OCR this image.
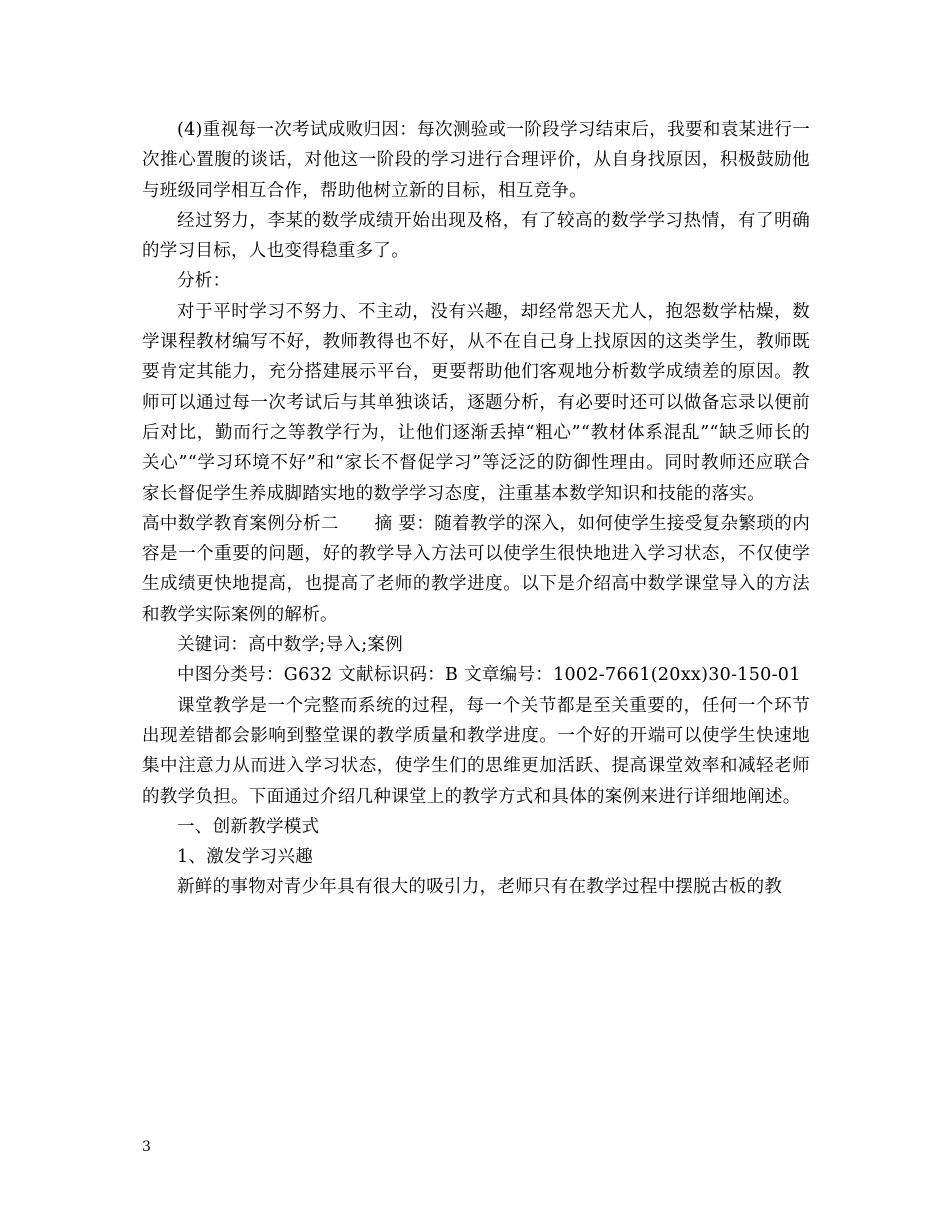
(4)重视每一次考试成败归因：每次测验或一阶段学习结束后，我要和袁某进行一次推心置腹的谈话，对他这一阶段的学习进行合理评价，从自身找原因，积极鼓励他与班级同学相互合作，帮助他树立新的目标，相互竞争。

经过努力，李某的数学成绩开始出现及格，有了较高的数学学习热情，有了明确的学习目标，人也变得稳重多了。

分析：

对于平时学习不努力、不主动，没有兴趣，却经常怨天尤人，抱怨数学枯燥，数学课程教材编写不好，教师教得也不好，从不在自己身上找原因的这类学生，教师既要肯定其能力，充分搭建展示平台，更要帮助他们客观地分析数学成绩差的原因。教师可以通过每一次考试后与其单独谈话，逐题分析，有必要时还可以做备忘录以便前后对比，勤而行之等教学行为，让他们逐渐丢掉“粗心”“教材体系混乱”“缺乏师长的关心”“学习环境不好”和“家长不督促学习”等泛泛的防御性理由。同时教师还应联合家长督促学生养成脚踏实地的数学学习态度，注重基本数学知识和技能的落实。

高中数学教育案例分析二　　摘 要：随着教学的深入，如何使学生接受复杂繁琐的内容是一个重要的问题，好的教学导入方法可以使学生很快地进入学习状态，不仅使学生成绩更快地提高，也提高了老师的教学进度。以下是介绍高中数学课堂导入的方法和教学实际案例的解析。

关键词：高中数学;导入;案例

中图分类号：G632 文献标识码：B 文章编号：1002-7661(20xx)30-150-01

课堂教学是一个完整而系统的过程，每一个关节都是至关重要的，任何一个环节出现差错都会影响到整堂课的教学质量和教学进度。一个好的开端可以使学生快速地集中注意力从而进入学习状态，使学生们的思维更加活跃、提高课堂效率和减轻老师的教学负担。下面通过介绍几种课堂上的教学方式和具体的案例来进行详细地阐述。

一、创新教学模式

1、激发学习兴趣

新鲜的事物对青少年具有很大的吸引力，老师只有在教学过程中摆脱古板的教

3
